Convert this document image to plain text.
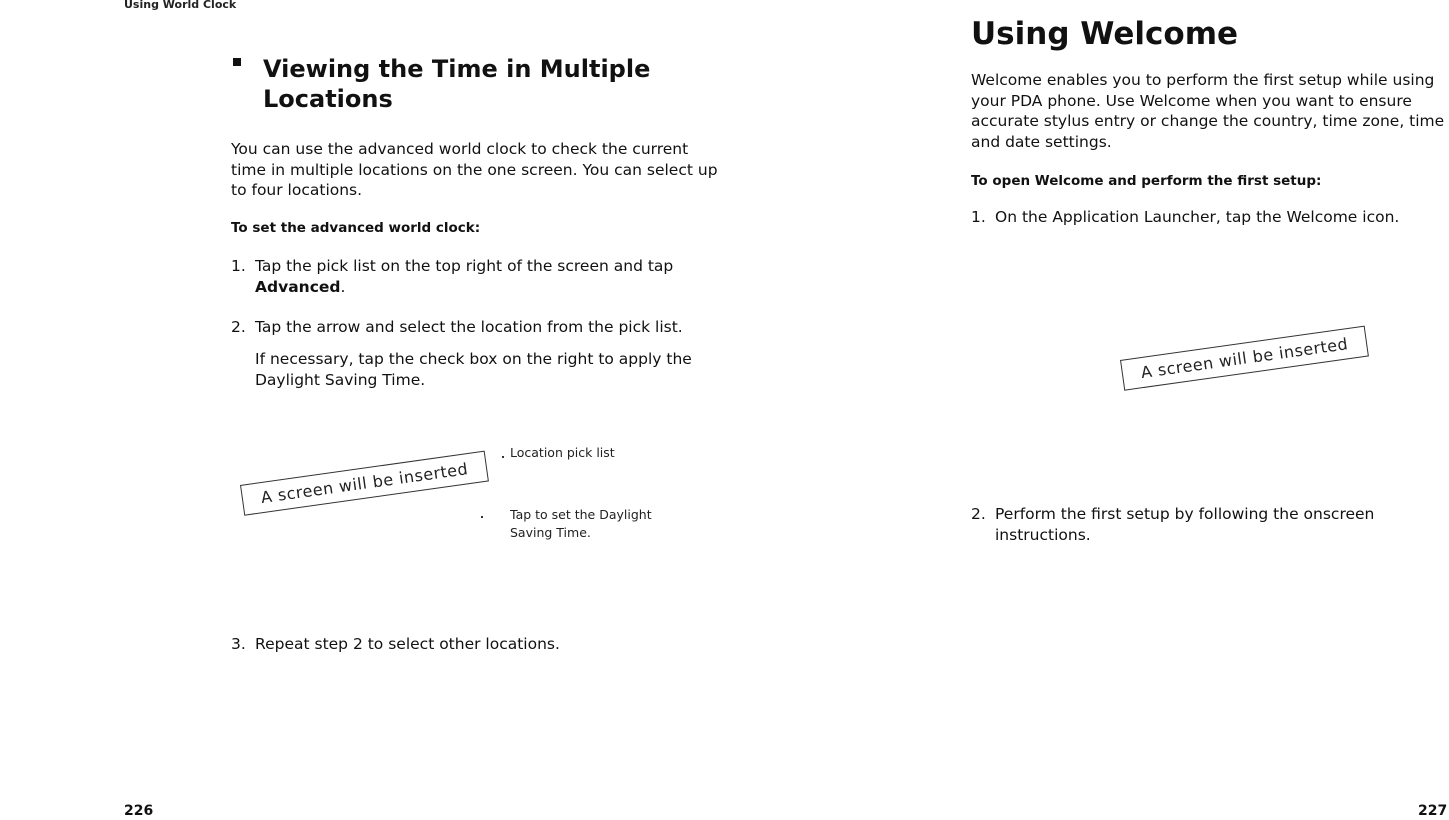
Using World Clock
Viewing the Time in Multiple Locations
You can use the advanced world clock to check the current time in multiple locations on the one screen. You can select up to four locations.
To set the advanced world clock:
1. Tap the pick list on the top right of the screen and tap
Advanced.
2. Tap the arrow and select the location from the pick list.
If necessary, tap the check box on the right to apply the Daylight Saving Time.
A screen will be inserted
Location pick list
Tap to set the Daylight Saving Time.
3. Repeat step 2 to select other locations.
226
Using Welcome
Welcome enables you to perform the first setup while using your PDA phone. Use Welcome when you want to ensure accurate stylus entry or change the country, time zone, time and date settings.
To open Welcome and perform the first setup:
1. On the Application Launcher, tap the Welcome icon.
A screen will be inserted
2. Perform the first setup by following the onscreen instructions.
227
